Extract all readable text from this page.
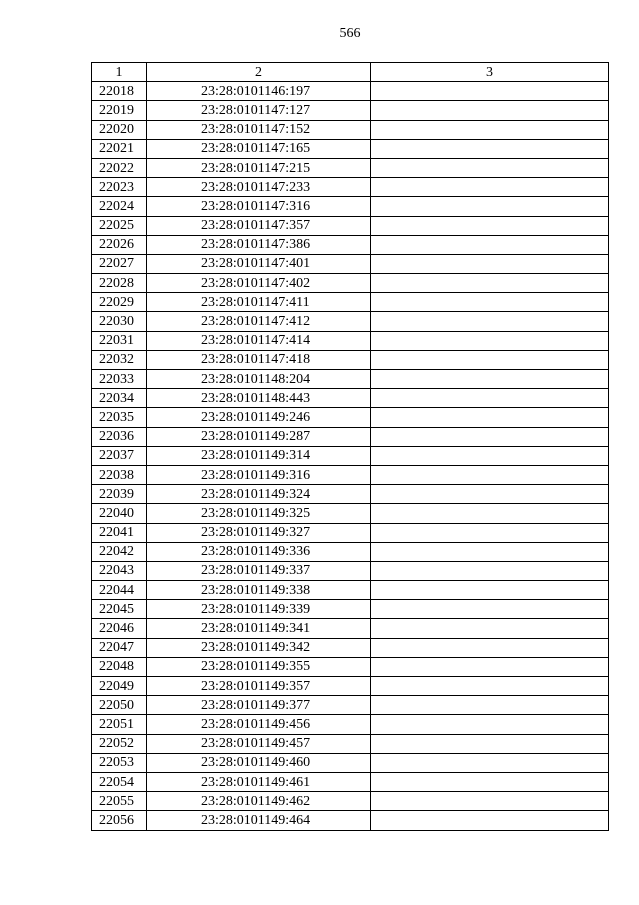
566
1	2	3
22018	23:28:0101146:197	
22019	23:28:0101147:127	
22020	23:28:0101147:152	
22021	23:28:0101147:165	
22022	23:28:0101147:215	
22023	23:28:0101147:233	
22024	23:28:0101147:316	
22025	23:28:0101147:357	
22026	23:28:0101147:386	
22027	23:28:0101147:401	
22028	23:28:0101147:402	
22029	23:28:0101147:411	
22030	23:28:0101147:412	
22031	23:28:0101147:414	
22032	23:28:0101147:418	
22033	23:28:0101148:204	
22034	23:28:0101148:443	
22035	23:28:0101149:246	
22036	23:28:0101149:287	
22037	23:28:0101149:314	
22038	23:28:0101149:316	
22039	23:28:0101149:324	
22040	23:28:0101149:325	
22041	23:28:0101149:327	
22042	23:28:0101149:336	
22043	23:28:0101149:337	
22044	23:28:0101149:338	
22045	23:28:0101149:339	
22046	23:28:0101149:341	
22047	23:28:0101149:342	
22048	23:28:0101149:355	
22049	23:28:0101149:357	
22050	23:28:0101149:377	
22051	23:28:0101149:456	
22052	23:28:0101149:457	
22053	23:28:0101149:460	
22054	23:28:0101149:461	
22055	23:28:0101149:462	
22056	23:28:0101149:464	
